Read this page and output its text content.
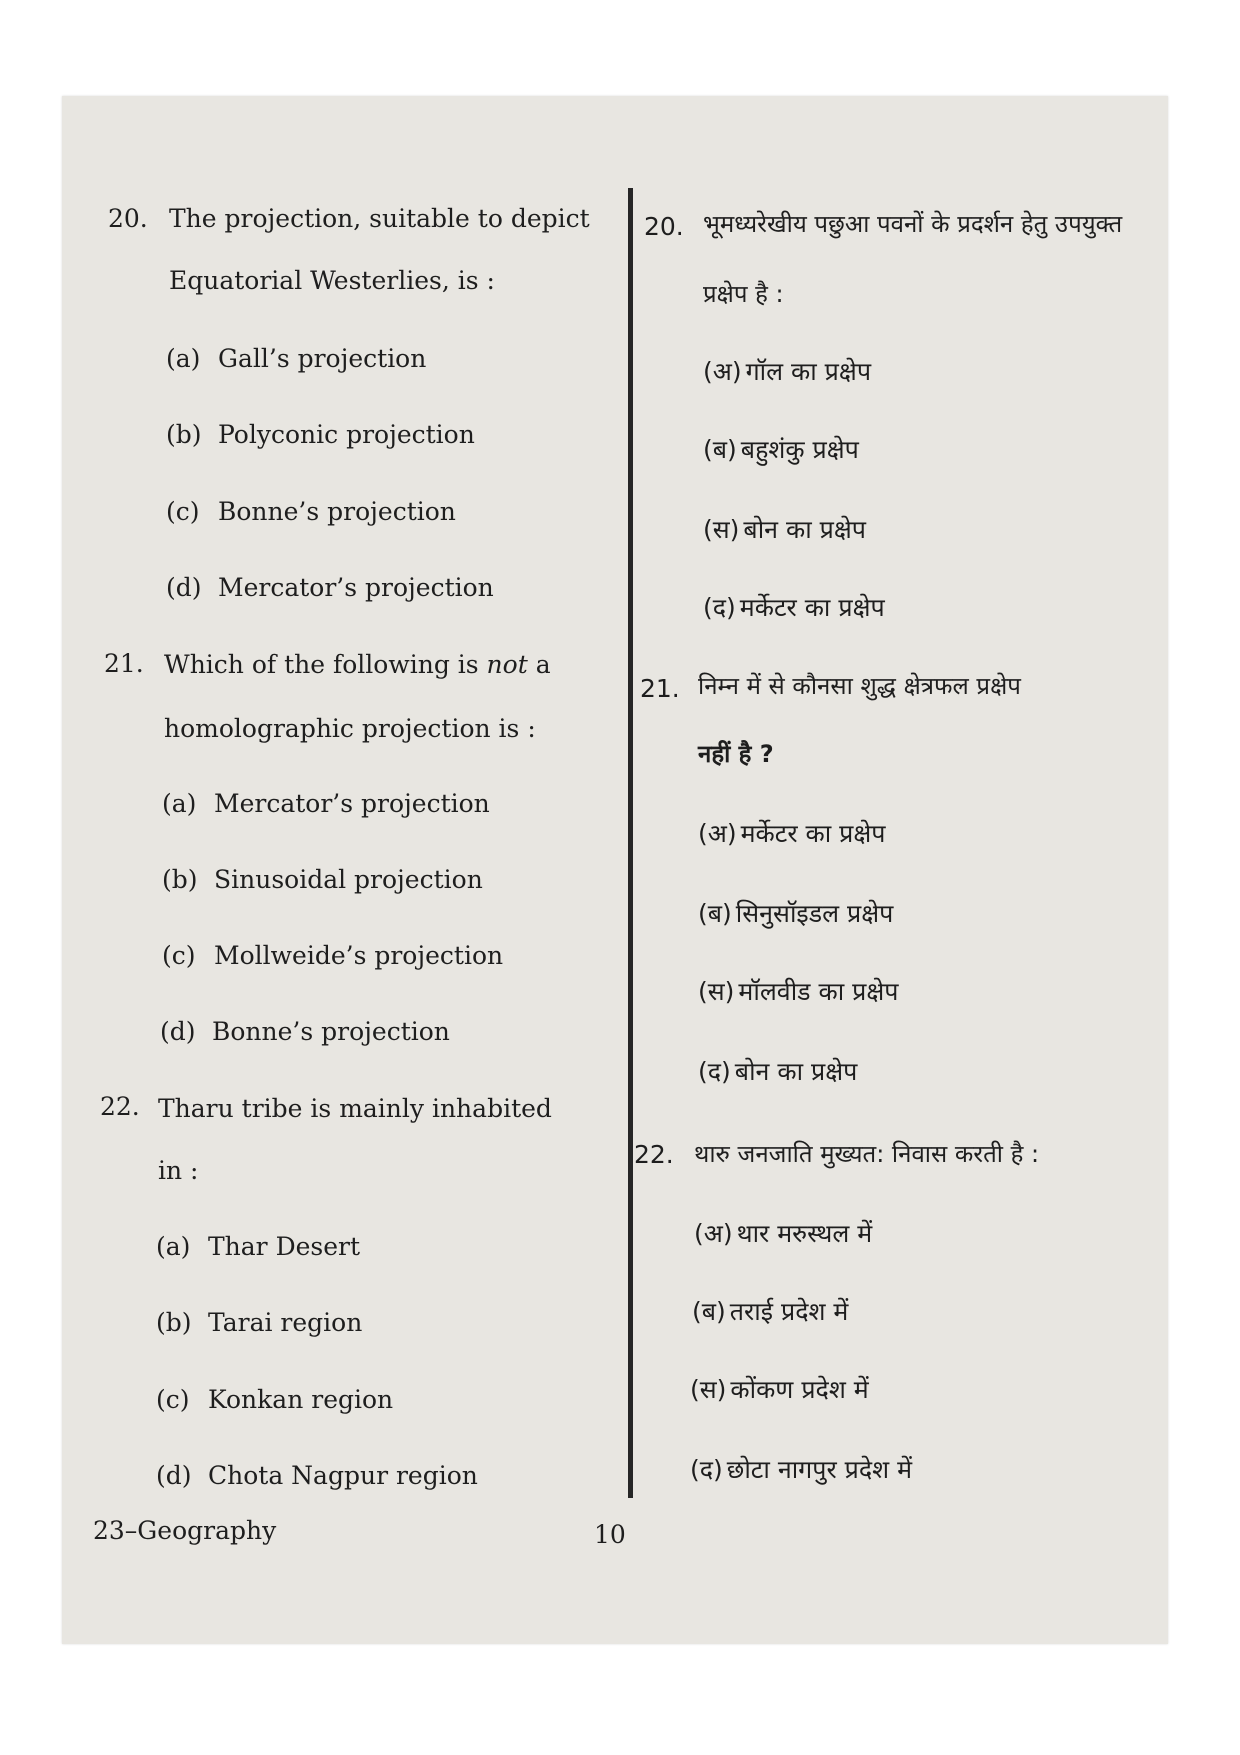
20. The projection, suitable to depict
Equatorial Westerlies, is :
(a) Gall’s projection
(b) Polyconic projection
(c) Bonne’s projection
(d) Mercator’s projection
21. Which of the following is not a
homolographic projection is :
(a) Mercator’s projection
(b) Sinusoidal projection
(c) Mollweide’s projection
(d) Bonne’s projection
22. Tharu tribe is mainly inhabited
in :
(a) Thar Desert
(b) Tarai region
(c) Konkan region
(d) Chota Nagpur region
20. भूमध्यरेखीय पछुआ पवनों के प्रदर्शन हेतु उपयुक्त
प्रक्षेप है :
(अ) गॉल का प्रक्षेप
(ब) बहुशंकु प्रक्षेप
(स) बोन का प्रक्षेप
(द) मर्केटर का प्रक्षेप
21. निम्न में से कौनसा शुद्ध क्षेत्रफल प्रक्षेप
नहीं है ?
(अ) मर्केटर का प्रक्षेप
(ब) सिनुसॉइडल प्रक्षेप
(स) मॉलवीड का प्रक्षेप
(द) बोन का प्रक्षेप
22. थारु जनजाति मुख्यत: निवास करती है :
(अ) थार मरुस्थल में
(ब) तराई प्रदेश में
(स) कोंकण प्रदेश में
(द) छोटा नागपुर प्रदेश में
23–Geography	10
